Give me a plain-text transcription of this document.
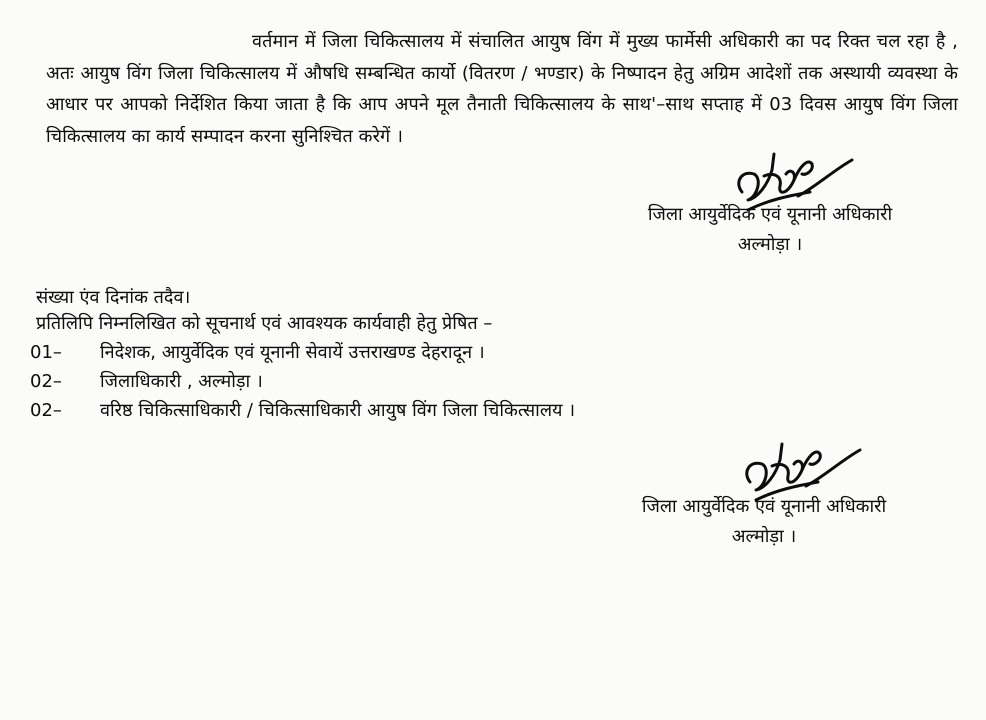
वर्तमान में जिला चिकित्सालय में संचालित आयुष विंग में मुख्य फार्मेसी अधिकारी का पद रिक्त चल रहा है , अतः आयुष विंग जिला चिकित्सालय में औषधि सम्बन्धित कार्यो (वितरण / भण्डार) के निष्पादन हेतु अग्रिम आदेशों तक अस्थायी व्यवस्था के आधार पर आपको निर्देशित किया जाता है कि आप अपने मूल तैनाती चिकित्सालय के साथ'–साथ सप्ताह में 03 दिवस आयुष विंग जिला चिकित्सालय का कार्य सम्पादन करना सुनिश्चित करेगें ।

जिला आयुर्वेदिक एवं यूनानी अधिकारी
अल्मोड़ा ।
संख्या एंव दिनांक तदैव।
प्रतिलिपि निम्नलिखित को सूचनार्थ एवं आवश्यक कार्यवाही हेतु प्रेषित –
01–	निदेशक, आयुर्वेदिक एवं यूनानी सेवायें उत्तराखण्ड देहरादून ।
02–	जिलाधिकारी , अल्मोड़ा ।
02–	वरिष्ठ चिकित्साधिकारी / चिकित्साधिकारी आयुष विंग जिला चिकित्सालय ।
जिला आयुर्वेदिक एवं यूनानी अधिकारी
अल्मोड़ा ।
